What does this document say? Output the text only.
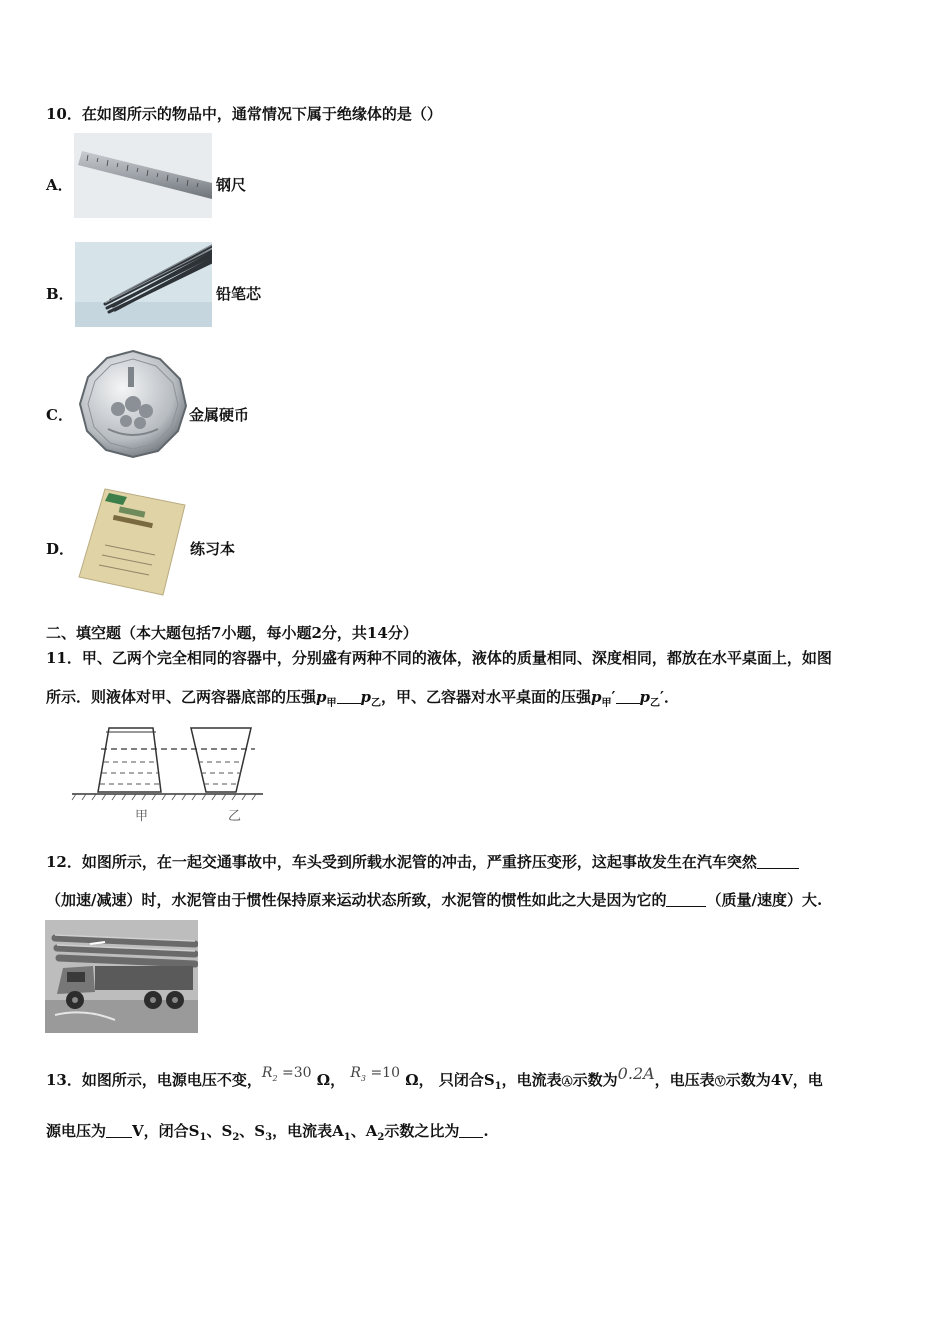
10．在如图所示的物品中，通常情况下属于绝缘体的是（）
A．	钢尺
B．	铅笔芯
C．	金属硬币
D．	练习本
二、填空题（本大题包括7小题，每小题2分，共14分）
11．甲、乙两个完全相同的容器中，分别盛有两种不同的液体，液体的质量相同、深度相同，都放在水平桌面上，如图
所示．则液体对甲、乙两容器底部的压强$p_甲$ $p_乙$，甲、乙容器对水平桌面的压强$p_甲'$ $p_乙'$．
甲	乙
12．如图所示，在一起交通事故中，车头受到所载水泥管的冲击，严重挤压变形，这起事故发生在汽车突然
（加速/减速）时，水泥管由于惯性保持原来运动状态所致，水泥管的惯性如此之大是因为它的	（质量/速度）大.
13．如图所示，电源电压不变，$R_2 =30$ Ω， $R_3 =10$ Ω， 只闭合$S_1$，电流表Ⓐ示数为0.2A，电压表Ⓥ示数为4V，电
源电压为 V，闭合$S_1$、$S_2$、$S_3$，电流表$A_1$、$A_2$示数之比为 .
